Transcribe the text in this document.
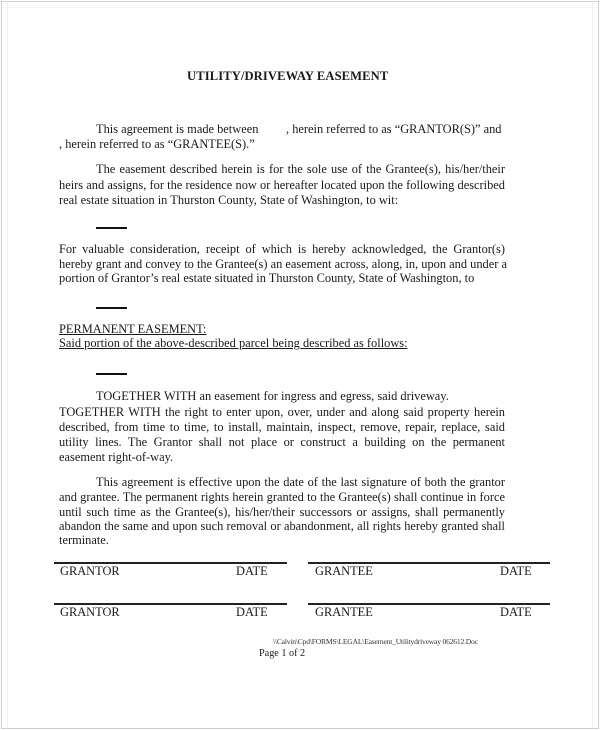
UTILITY/DRIVEWAY EASEMENT
This agreement is made between , herein referred to as “GRANTOR(S)” and
, herein referred to as “GRANTEE(S).”
The easement described herein is for the sole use of the Grantee(s), his/her/their
heirs and assigns, for the residence now or hereafter located upon the following described
real estate situation in Thurston County, State of Washington, to wit:
For valuable consideration, receipt of which is hereby acknowledged, the Grantor(s)
hereby grant and convey to the Grantee(s) an easement across, along, in, upon and under a
portion of Grantor’s real estate situated in Thurston County, State of Washington, to
PERMANENT EASEMENT:
Said portion of the above-described parcel being described as follows:
TOGETHER WITH an easement for ingress and egress, said driveway.
TOGETHER WITH the right to enter upon, over, under and along said property herein
described, from time to time, to install, maintain, inspect, remove, repair, replace, said
utility lines. The Grantor shall not place or construct a building on the permanent
easement right-of-way.
This agreement is effective upon the date of the last signature of both the grantor
and grantee. The permanent rights herein granted to the Grantee(s) shall continue in force
until such time as the Grantee(s), his/her/their successors or assigns, shall permanently
abandon the same and upon such removal or abandonment, all rights hereby granted shall
terminate.
GRANTOR	DATE	GRANTEE	DATE
GRANTOR	DATE	GRANTEE	DATE
\\Calvin\Cpd\FORMS\LEGAL\Easement_Utilitydriveway 062612.Doc
Page 1 of 2
